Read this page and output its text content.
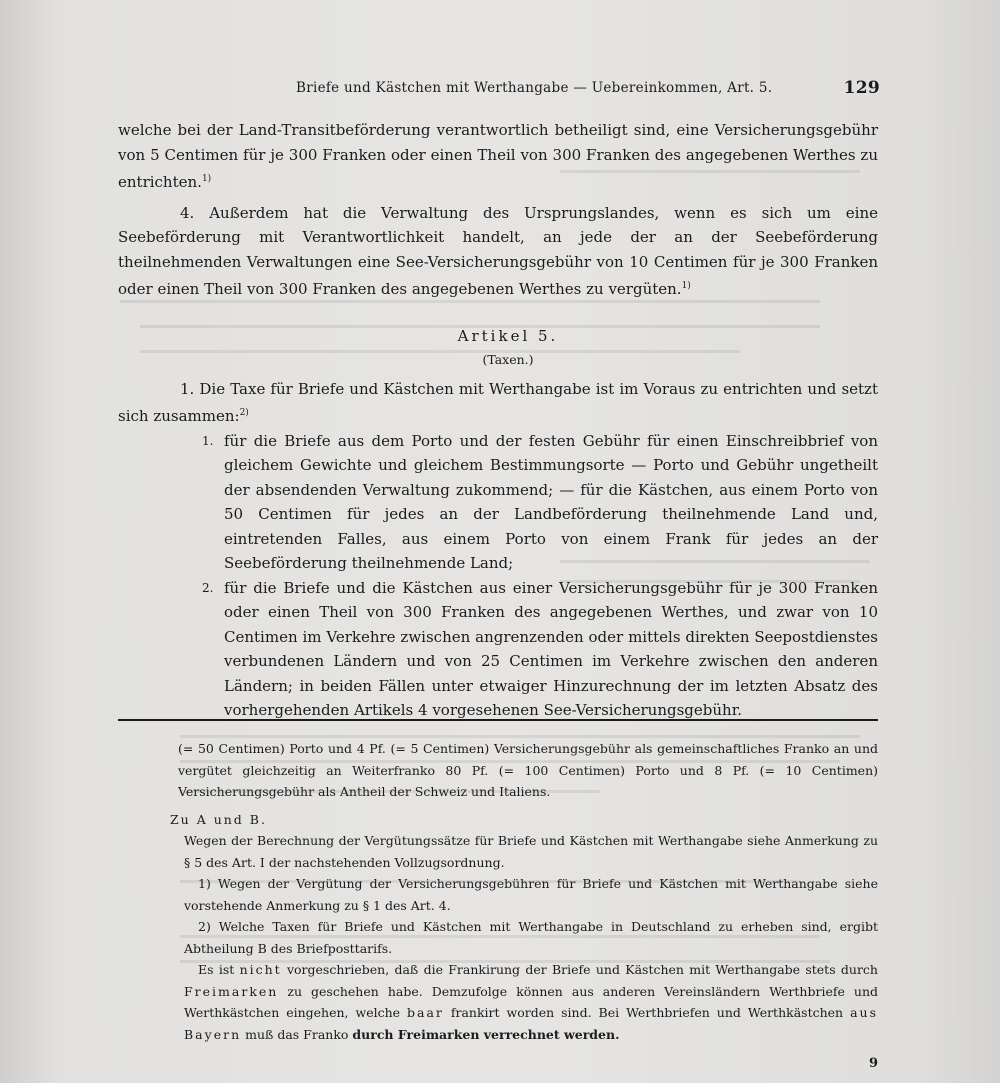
Briefe und Kästchen mit Werthangabe — Uebereinkommen, Art. 5.	129

welche bei der Land-Transitbeförderung verantwortlich betheiligt sind, eine Versicherungsgebühr von 5 Centimen für je 300 Franken oder einen Theil von 300 Franken des angegebenen Werthes zu entrichten.$^{1)}$

4. Außerdem hat die Verwaltung des Ursprungslandes, wenn es sich um eine Seebeförderung mit Verantwortlichkeit handelt, an jede der an der Seebeförderung theilnehmenden Verwaltungen eine See-Versicherungsgebühr von 10 Centimen für je 300 Franken oder einen Theil von 300 Franken des angegebenen Werthes zu vergüten.$^{1)}$

Artikel 5.

(Taxen.)

1. Die Taxe für Briefe und Kästchen mit Werthangabe ist im Voraus zu entrichten und setzt sich zusammen:$^{2)}$

1. für die Briefe aus dem Porto und der festen Gebühr für einen Einschreibbrief von gleichem Gewichte und gleichem Bestimmungsorte — Porto und Gebühr ungetheilt der absendenden Verwaltung zukommend; — für die Kästchen, aus einem Porto von 50 Centimen für jedes an der Landbeförderung theilnehmende Land und, eintretenden Falles, aus einem Porto von einem Frank für jedes an der Seebeförderung theilnehmende Land;
2. für die Briefe und die Kästchen aus einer Versicherungsgebühr für je 300 Franken oder einen Theil von 300 Franken des angegebenen Werthes, und zwar von 10 Centimen im Verkehre zwischen angrenzenden oder mittels direkten Seepostdienstes verbundenen Ländern und von 25 Centimen im Verkehre zwischen den anderen Ländern; in beiden Fällen unter etwaiger Hinzurechnung der im letzten Absatz des vorhergehenden Artikels 4 vorgesehenen See-Versicherungsgebühr.

(= 50 Centimen) Porto und 4 Pf. (= 5 Centimen) Versicherungsgebühr als gemeinschaftliches Franko an und vergütet gleichzeitig an Weiterfranko 80 Pf. (= 100 Centimen) Porto und 8 Pf. (= 10 Centimen) Versicherungsgebühr als Antheil der Schweiz und Italiens.

Zu A und B.

Wegen der Berechnung der Vergütungssätze für Briefe und Kästchen mit Werthangabe siehe Anmerkung zu § 5 des Art. I der nachstehenden Vollzugsordnung.

1) Wegen der Vergütung der Versicherungsgebühren für Briefe und Kästchen mit Werthangabe siehe vorstehende Anmerkung zu § 1 des Art. 4.

2) Welche Taxen für Briefe und Kästchen mit Werthangabe in Deutschland zu erheben sind, ergibt Abtheilung B des Briefposttarifs.

Es ist nicht vorgeschrieben, daß die Frankirung der Briefe und Kästchen mit Werthangabe stets durch Freimarken zu geschehen habe. Demzufolge können aus anderen Vereinsländern Werthbriefe und Werthkästchen eingehen, welche baar frankirt worden sind. Bei Werthbriefen und Werthkästchen aus Bayern muß das Franko durch Freimarken verrechnet werden.

9
